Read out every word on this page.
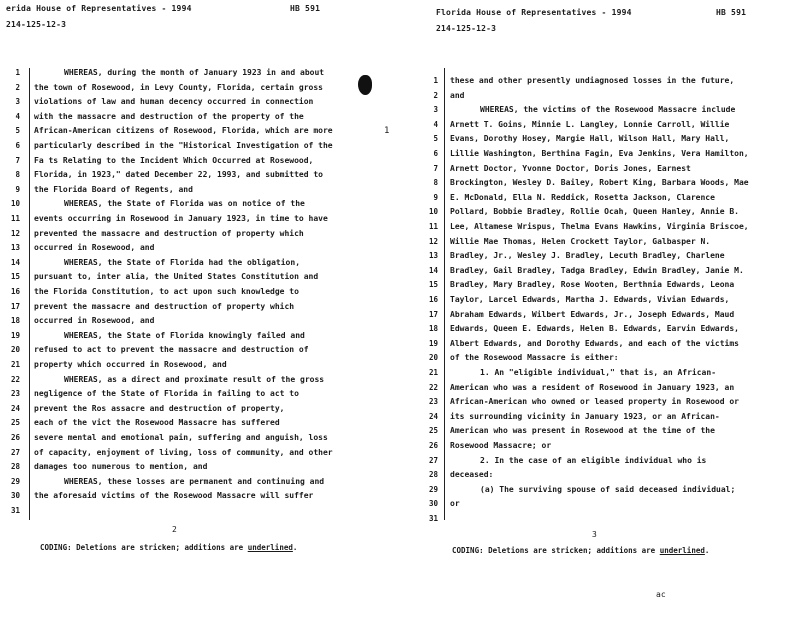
erida House of Representatives - 1994	HB 591
214-125-12-3
1	WHEREAS, during the month of January 1923 in and about
2 the town of Rosewood, in Levy County, Florida, certain gross
3 violations of law and human decency occurred in connection
4 with the massacre and destruction of the property of the
5 African-American citizens of Rosewood, Florida, which are more
6 particularly described in the "Historical Investigation of the
7 Fa ts Relating to the Incident Which Occurred at Rosewood,
8 Florida, in 1923," dated December 22, 1993, and submitted to
9 the Florida Board of Regents, and
10	WHEREAS, the State of Florida was on notice of the
11 events occurring in Rosewood in January 1923, in time to have
12 prevented the massacre and destruction of property which
13 occurred in Rosewood, and
14	WHEREAS, the State of Florida had the obligation,
15 pursuant to, inter alia, the United States Constitution and
16 the Florida Constitution, to act upon such knowledge to
17 prevent the massacre and destruction of property which
18 occurred in Rosewood, and
19	WHEREAS, the State of Florida knowingly failed and
20 refused to act to prevent the massacre and destruction of
21 property which occurred in Rosewood, and
22	WHEREAS, as a direct and proximate result of the gross
23 negligence of the State of Florida in failing to act to
24 prevent the Ros assacre and destruction of property,
25 each of the vict the Rosewood Massacre has suffered
26 severe mental and emotional pain, suffering and anguish, loss
27 of capacity, enjoyment of living, loss of community, and other
28 damages too numerous to mention, and
29	WHEREAS, these losses are permanent and continuing and
30 the aforesaid victims of the Rosewood Massacre will suffer
31
2
CODING: Deletions are stricken; additions are underlined.
Florida House of Representatives - 1994	HB 591
214-125-12-3
1
1 these and other presently undiagnosed losses in the future,
2 and
3	WHEREAS, the victims of the Rosewood Massacre include
4 Arnett T. Goins, Minnie L. Langley, Lonnie Carroll, Willie
5 Evans, Dorothy Hosey, Margie Hall, Wilson Hall, Mary Hall,
6 Lillie Washington, Berthina Fagin, Eva Jenkins, Vera Hamilton,
7 Arnett Doctor, Yvonne Doctor, Doris Jones, Earnest
8 Brockington, Wesley D. Bailey, Robert King, Barbara Woods, Mae
9 E. McDonald, Ella N. Reddick, Rosetta Jackson, Clarence
10 Pollard, Bobbie Bradley, Rollie Ocah, Queen Hanley, Annie B.
11 Lee, Altamese Wrispus, Thelma Evans Hawkins, Virginia Briscoe,
12 Willie Mae Thomas, Helen Crockett Taylor, Galbasper N.
13 Bradley, Jr., Wesley J. Bradley, Lecuth Bradley, Charlene
14 Bradley, Gail Bradley, Tadga Bradley, Edwin Bradley, Janie M.
15 Bradley, Mary Bradley, Rose Wooten, Berthnia Edwards, Leona
16 Taylor, Larcel Edwards, Martha J. Edwards, Vivian Edwards,
17 Abraham Edwards, Wilbert Edwards, Jr., Joseph Edwards, Maud
18 Edwards, Queen E. Edwards, Helen B. Edwards, Earvin Edwards,
19 Albert Edwards, and Dorothy Edwards, and each of the victims
20 of the Rosewood Massacre is either:
21	1. An "eligible individual," that is, an African-
22 American who was a resident of Rosewood in January 1923, an
23 African-American who owned or leased property in Rosewood or
24 its surrounding vicinity in January 1923, or an African-
25 American who was present in Rosewood at the time of the
26 Rosewood Massacre; or
27	2. In the case of an eligible individual who is
28 deceased:
29	(a) The surviving spouse of said deceased individual;
30 or
31
3
CODING: Deletions are stricken; additions are underlined.
ac
